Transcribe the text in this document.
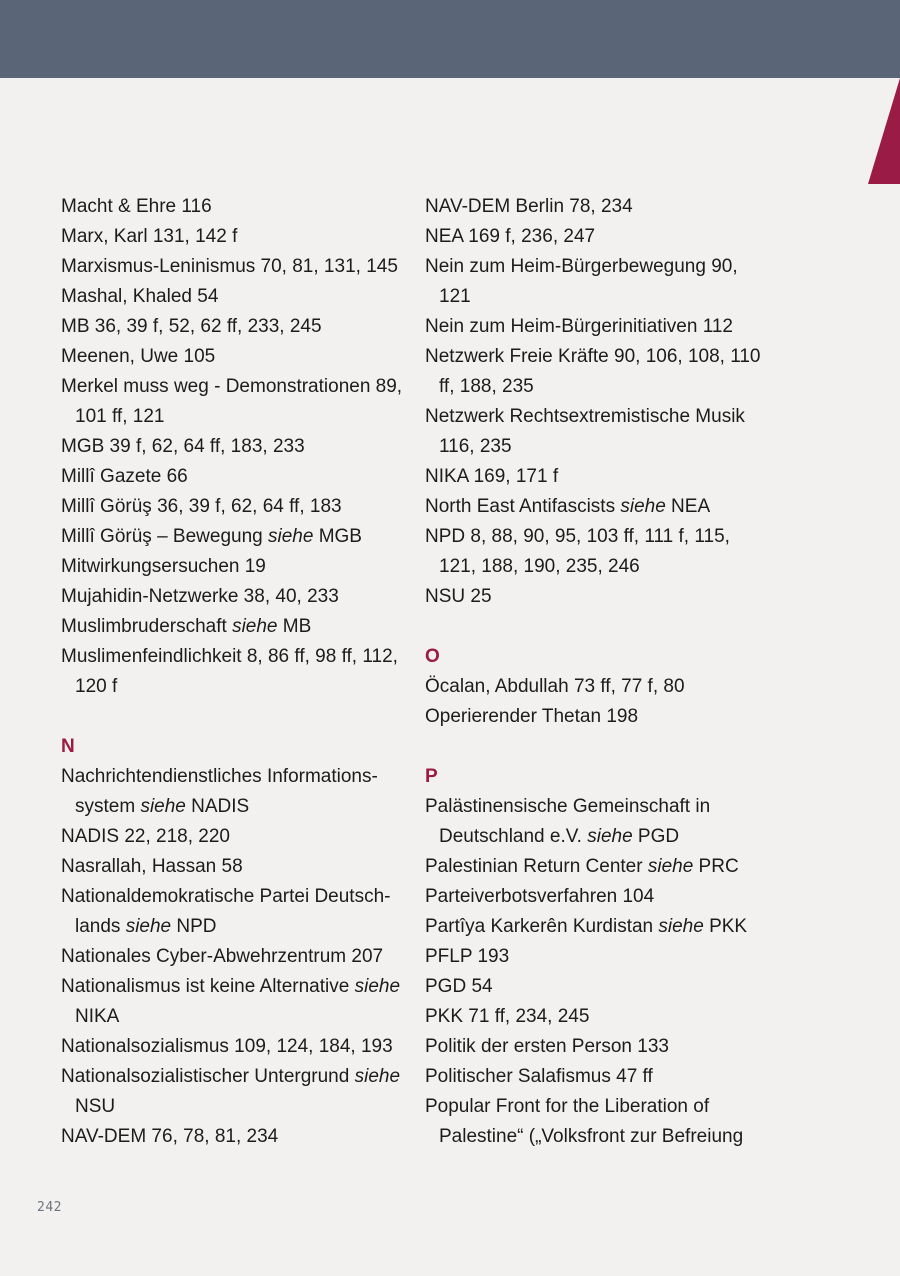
Macht & Ehre 116
Marx, Karl 131, 142 f
Marxismus-Leninismus 70, 81, 131, 145
Mashal, Khaled 54
MB 36, 39 f, 52, 62 ff, 233, 245
Meenen, Uwe 105
Merkel muss weg - Demonstrationen 89, 101 ff, 121
MGB 39 f, 62, 64 ff, 183, 233
Millî Gazete 66
Millî Görüş 36, 39 f, 62, 64 ff, 183
Millî Görüş – Bewegung siehe MGB
Mitwirkungsersuchen 19
Mujahidin-Netzwerke 38, 40, 233
Muslimbruderschaft siehe MB
Muslimenfeindlichkeit 8, 86 ff, 98 ff, 112, 120 f
N
Nachrichtendienstliches Informationssystem siehe NADIS
NADIS 22, 218, 220
Nasrallah, Hassan 58
Nationaldemokratische Partei Deutschlands siehe NPD
Nationales Cyber-Abwehrzentrum 207
Nationalismus ist keine Alternative siehe NIKA
Nationalsozialismus 109, 124, 184, 193
Nationalsozialistischer Untergrund siehe NSU
NAV-DEM 76, 78, 81, 234
NAV-DEM Berlin 78, 234
NEA 169 f, 236, 247
Nein zum Heim-Bürgerbewegung 90, 121
Nein zum Heim-Bürgerinitiativen 112
Netzwerk Freie Kräfte 90, 106, 108, 110 ff, 188, 235
Netzwerk Rechtsextremistische Musik 116, 235
NIKA 169, 171 f
North East Antifascists siehe NEA
NPD 8, 88, 90, 95, 103 ff, 111 f, 115, 121, 188, 190, 235, 246
NSU 25
O
Öcalan, Abdullah 73 ff, 77 f, 80
Operierender Thetan 198
P
Palästinensische Gemeinschaft in Deutschland e.V. siehe PGD
Palestinian Return Center siehe PRC
Parteiverbotsverfahren 104
Partîya Karkerên Kurdistan siehe PKK
PFLP 193
PGD 54
PKK 71 ff, 234, 245
Politik der ersten Person 133
Politischer Salafismus 47 ff
Popular Front for the Liberation of Palestine“ („Volksfront zur Befreiung
242
